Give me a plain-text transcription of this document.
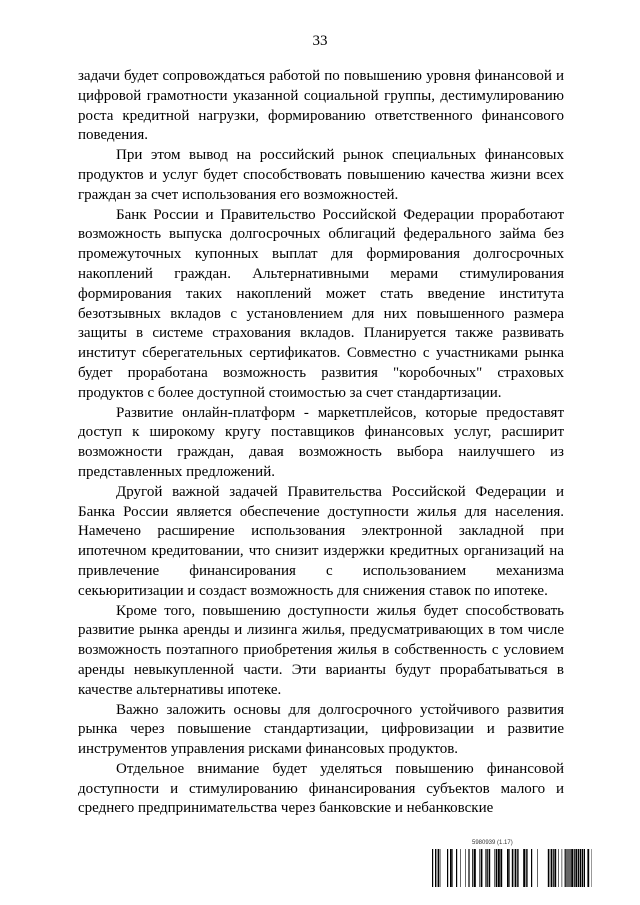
33

задачи будет сопровождаться работой по повышению уровня финансовой и цифровой грамотности указанной социальной группы, дестимулированию роста кредитной нагрузки, формированию ответственного финансового поведения.

При этом вывод на российский рынок специальных финансовых продуктов и услуг будет способствовать повышению качества жизни всех граждан за счет использования его возможностей.

Банк России и Правительство Российской Федерации проработают возможность выпуска долгосрочных облигаций федерального займа без промежуточных купонных выплат для формирования долгосрочных накоплений граждан. Альтернативными мерами стимулирования формирования таких накоплений может стать введение института безотзывных вкладов с установлением для них повышенного размера защиты в системе страхования вкладов. Планируется также развивать институт сберегательных сертификатов. Совместно с участниками рынка будет проработана возможность развития "коробочных" страховых продуктов с более доступной стоимостью за счет стандартизации.

Развитие онлайн-платформ - маркетплейсов, которые предоставят доступ к широкому кругу поставщиков финансовых услуг, расширит возможности граждан, давая возможность выбора наилучшего из представленных предложений.

Другой важной задачей Правительства Российской Федерации и Банка России является обеспечение доступности жилья для населения. Намечено расширение использования электронной закладной при ипотечном кредитовании, что снизит издержки кредитных организаций на привлечение финансирования с использованием механизма секьюритизации и создаст возможность для снижения ставок по ипотеке.

Кроме того, повышению доступности жилья будет способствовать развитие рынка аренды и лизинга жилья, предусматривающих в том числе возможность поэтапного приобретения жилья в собственность с условием аренды невыкупленной части. Эти варианты будут прорабатываться в качестве альтернативы ипотеке.

Важно заложить основы для долгосрочного устойчивого развития рынка через повышение стандартизации, цифровизации и развитие инструментов управления рисками финансовых продуктов.

Отдельное внимание будет уделяться повышению финансовой доступности и стимулированию финансирования субъектов малого и среднего предпринимательства через банковские и небанковские

5980939 (1.17)
